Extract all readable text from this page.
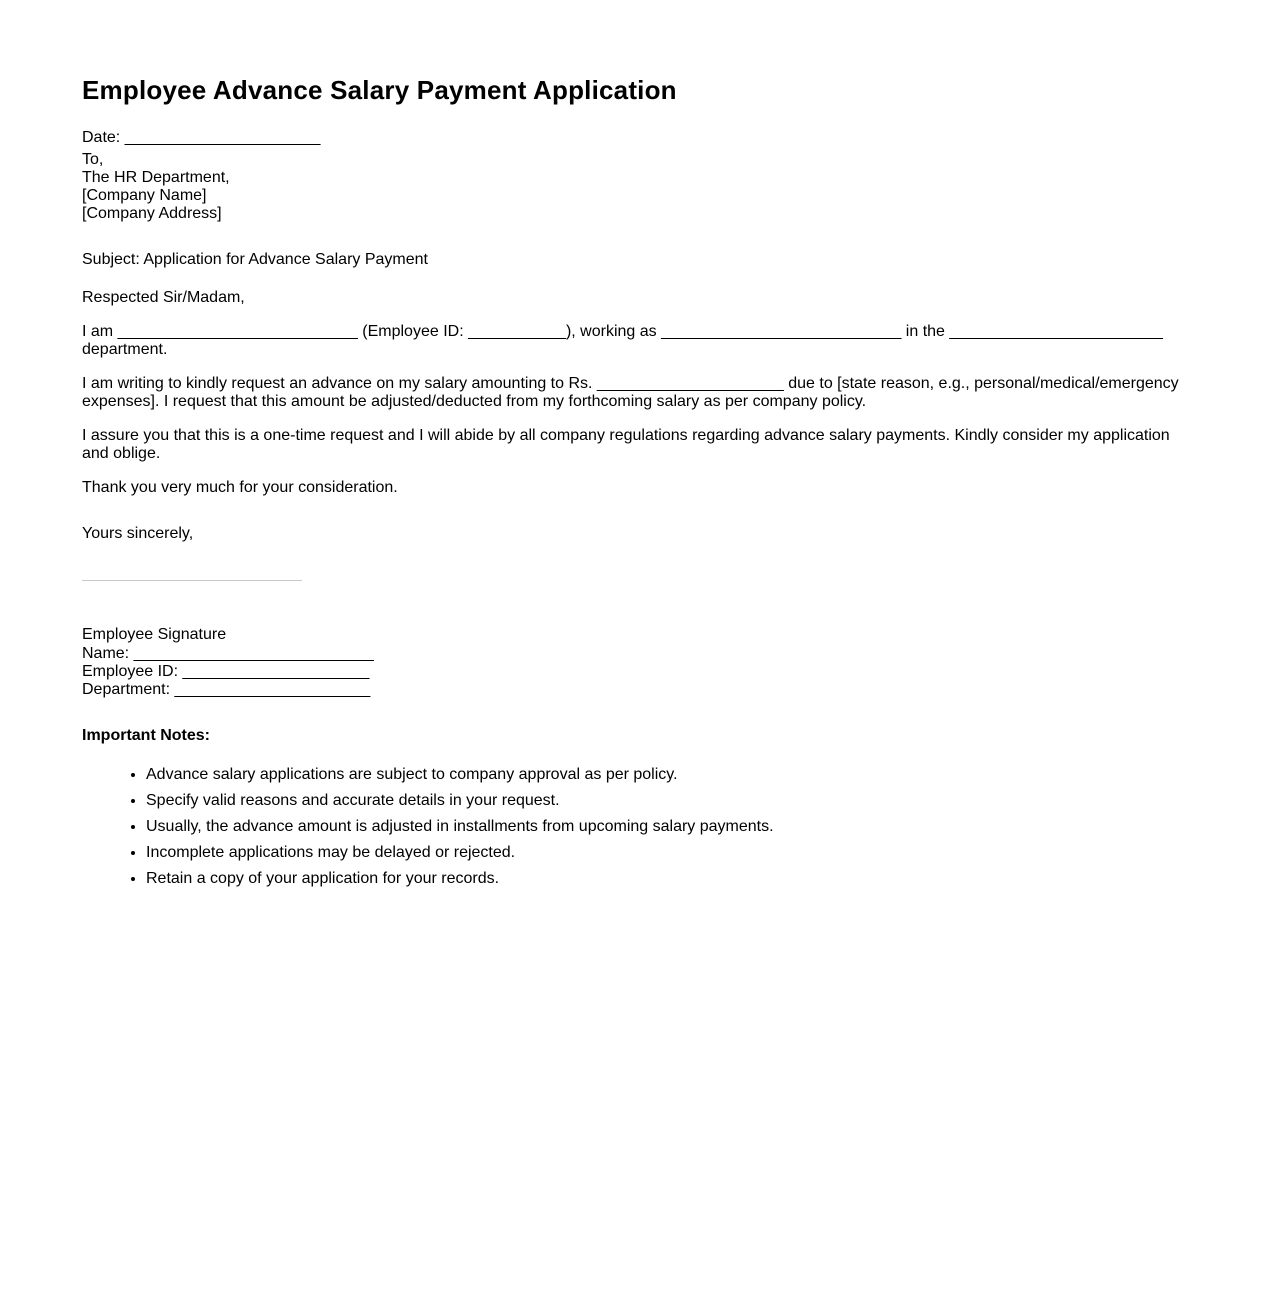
Employee Advance Salary Payment Application
Date: ______________________
To,
The HR Department,
[Company Name]
[Company Address]
Subject: Application for Advance Salary Payment
Respected Sir/Madam,
I am ___________________________ (Employee ID: ___________), working as ___________________________ in the ________________________ department.
I am writing to kindly request an advance on my salary amounting to Rs. _____________________ due to [state reason, e.g., personal/medical/emergency expenses]. I request that this amount be adjusted/deducted from my forthcoming salary as per company policy.
I assure you that this is a one-time request and I will abide by all company regulations regarding advance salary payments. Kindly consider my application and oblige.
Thank you very much for your consideration.
Yours sincerely,
Employee Signature
Name: ___________________________
Employee ID: _____________________
Department: ______________________
Important Notes:
• Advance salary applications are subject to company approval as per policy.
• Specify valid reasons and accurate details in your request.
• Usually, the advance amount is adjusted in installments from upcoming salary payments.
• Incomplete applications may be delayed or rejected.
• Retain a copy of your application for your records.
